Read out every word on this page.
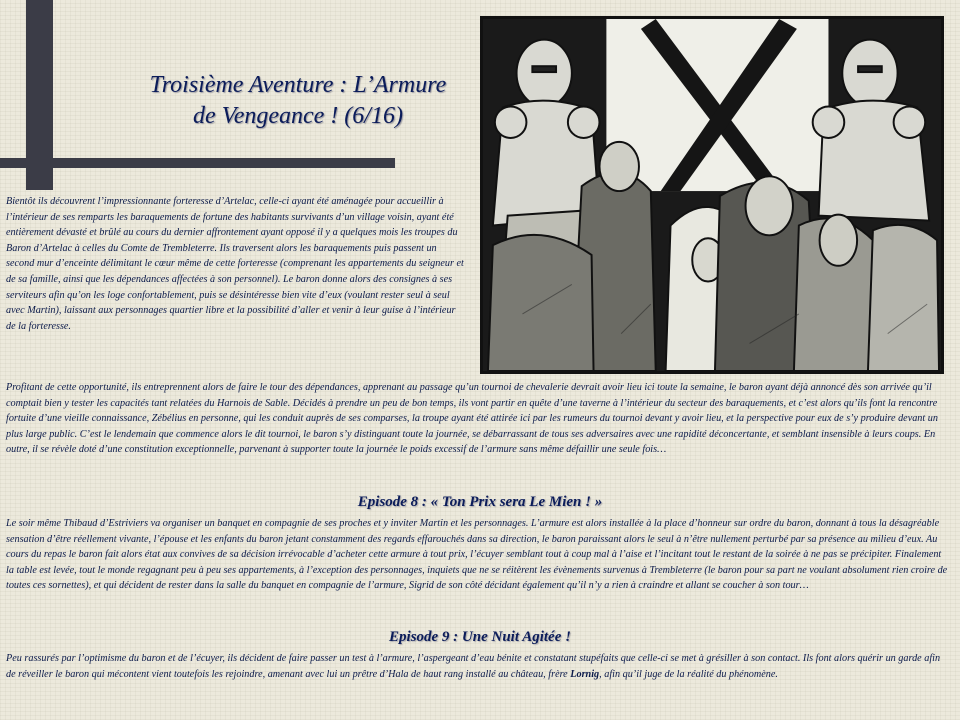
Troisième Aventure : L’Armure
de Vengeance ! (6/16)

Bientôt ils découvrent l’impressionnante forteresse d’Artelac, celle-ci ayant été aménagée pour accueillir à l’intérieur de ses remparts les baraquements de fortune des habitants survivants d’un village voisin, ayant été entièrement dévasté et brûlé au cours du dernier affrontement ayant opposé il y a quelques mois les troupes du Baron d’Artelac à celles du Comte de Trembleterre. Ils traversent alors les baraquements puis passent un second mur d’enceinte délimitant le cœur même de cette forteresse (comprenant les appartements du seigneur et de sa famille, ainsi que les dépendances affectées à son personnel). Le baron donne alors des consignes à ses serviteurs afin qu’on les loge confortablement, puis se désintéresse bien vite d’eux (voulant rester seul à seul avec Martin), laissant aux personnages quartier libre et la possibilité d’aller et venir à leur guise à l’intérieur de la forteresse.

Profitant de cette opportunité, ils entreprennent alors de faire le tour des dépendances, apprenant au passage qu’un tournoi de chevalerie devrait avoir lieu ici toute la semaine, le baron ayant déjà annoncé dès son arrivée qu’il comptait bien y tester les capacités tant relatées du Harnois de Sable. Décidés à prendre un peu de bon temps, ils vont partir en quête d’une taverne à l’intérieur du secteur des baraquements, et c’est alors qu’ils font la rencontre fortuite d’une vieille connaissance, Zébélius en personne, qui les conduit auprès de ses comparses, la troupe ayant été attirée ici par les rumeurs du tournoi devant y avoir lieu, et la perspective pour eux de s’y produire devant un plus large public. C’est le lendemain que commence alors le dit tournoi, le baron s’y distinguant toute la journée, se débarrassant de tous ses adversaires avec une rapidité déconcertante, et semblant insensible à leurs coups. En outre, il se révèle doté d’une constitution exceptionnelle, parvenant à supporter toute la journée le poids excessif de l’armure sans même défaillir une seule fois…

Episode 8 : « Ton Prix sera Le Mien ! »

Le soir même Thibaud d’Estriviers va organiser un banquet en compagnie de ses proches et y inviter Martin et les personnages. L’armure est alors installée à la place d’honneur sur ordre du baron, donnant à tous la désagréable sensation d’être réellement vivante, l’épouse et les enfants du baron jetant constamment des regards effarouchés dans sa direction, le baron paraissant alors le seul à n’être nullement perturbé par sa présence au milieu d’eux. Au cours du repas le baron fait alors état aux convives de sa décision irrévocable d’acheter cette armure à tout prix, l’écuyer semblant tout à coup mal à l’aise et l’incitant tout le restant de la soirée à ne pas se précipiter. Finalement la table est levée, tout le monde regagnant peu à peu ses appartements, à l’exception des personnages, inquiets que ne se réitèrent les évènements survenus à Trembleterre (le baron pour sa part ne voulant absolument rien croire de toutes ces sornettes), et qui décident de rester dans la salle du banquet en compagnie de l’armure, Sigrid de son côté décidant également qu’il n’y a rien à craindre et allant se coucher à son tour…

Episode 9 : Une Nuit Agitée !

Peu rassurés par l’optimisme du baron et de l’écuyer, ils décident de faire passer un test à l’armure, l’aspergeant d’eau bénite et constatant stupéfaits que celle-ci se met à grésiller à son contact. Ils font alors quérir un garde afin de réveiller le baron qui mécontent vient toutefois les rejoindre, amenant avec lui un prêtre d’Hala de haut rang installé au château, frère Lornig, afin qu’il juge de la réalité du phénomène.
